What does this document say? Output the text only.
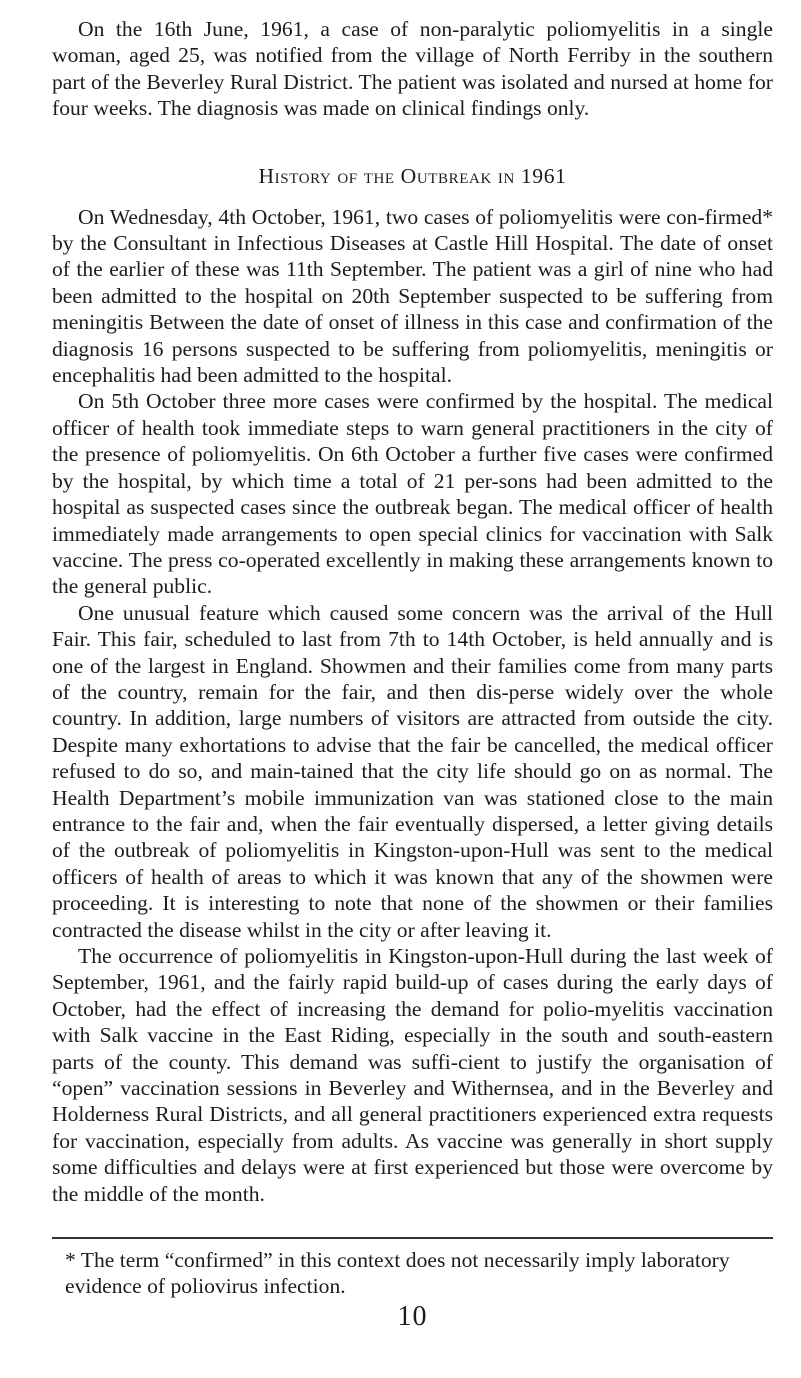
On the 16th June, 1961, a case of non-paralytic poliomyelitis in a single woman, aged 25, was notified from the village of North Ferriby in the southern part of the Beverley Rural District. The patient was isolated and nursed at home for four weeks. The diagnosis was made on clinical findings only.

History of the Outbreak in 1961

On Wednesday, 4th October, 1961, two cases of poliomyelitis were con-firmed* by the Consultant in Infectious Diseases at Castle Hill Hospital. The date of onset of the earlier of these was 11th September. The patient was a girl of nine who had been admitted to the hospital on 20th September suspected to be suffering from meningitis Between the date of onset of illness in this case and confirmation of the diagnosis 16 persons suspected to be suffering from poliomyelitis, meningitis or encephalitis had been admitted to the hospital.

On 5th October three more cases were confirmed by the hospital. The medical officer of health took immediate steps to warn general practitioners in the city of the presence of poliomyelitis. On 6th October a further five cases were confirmed by the hospital, by which time a total of 21 per-sons had been admitted to the hospital as suspected cases since the outbreak began. The medical officer of health immediately made arrangements to open special clinics for vaccination with Salk vaccine. The press co-operated excellently in making these arrangements known to the general public.

One unusual feature which caused some concern was the arrival of the Hull Fair. This fair, scheduled to last from 7th to 14th October, is held annually and is one of the largest in England. Showmen and their families come from many parts of the country, remain for the fair, and then dis-perse widely over the whole country. In addition, large numbers of visitors are attracted from outside the city. Despite many exhortations to advise that the fair be cancelled, the medical officer refused to do so, and main-tained that the city life should go on as normal. The Health Department’s mobile immunization van was stationed close to the main entrance to the fair and, when the fair eventually dispersed, a letter giving details of the outbreak of poliomyelitis in Kingston-upon-Hull was sent to the medical officers of health of areas to which it was known that any of the showmen were proceeding. It is interesting to note that none of the showmen or their families contracted the disease whilst in the city or after leaving it.

The occurrence of poliomyelitis in Kingston-upon-Hull during the last week of September, 1961, and the fairly rapid build-up of cases during the early days of October, had the effect of increasing the demand for polio-myelitis vaccination with Salk vaccine in the East Riding, especially in the south and south-eastern parts of the county. This demand was suffi-cient to justify the organisation of “open” vaccination sessions in Beverley and Withernsea, and in the Beverley and Holderness Rural Districts, and all general practitioners experienced extra requests for vaccination, especially from adults. As vaccine was generally in short supply some difficulties and delays were at first experienced but those were overcome by the middle of the month.

* The term “confirmed” in this context does not necessarily imply laboratory evidence of poliovirus infection.

10
